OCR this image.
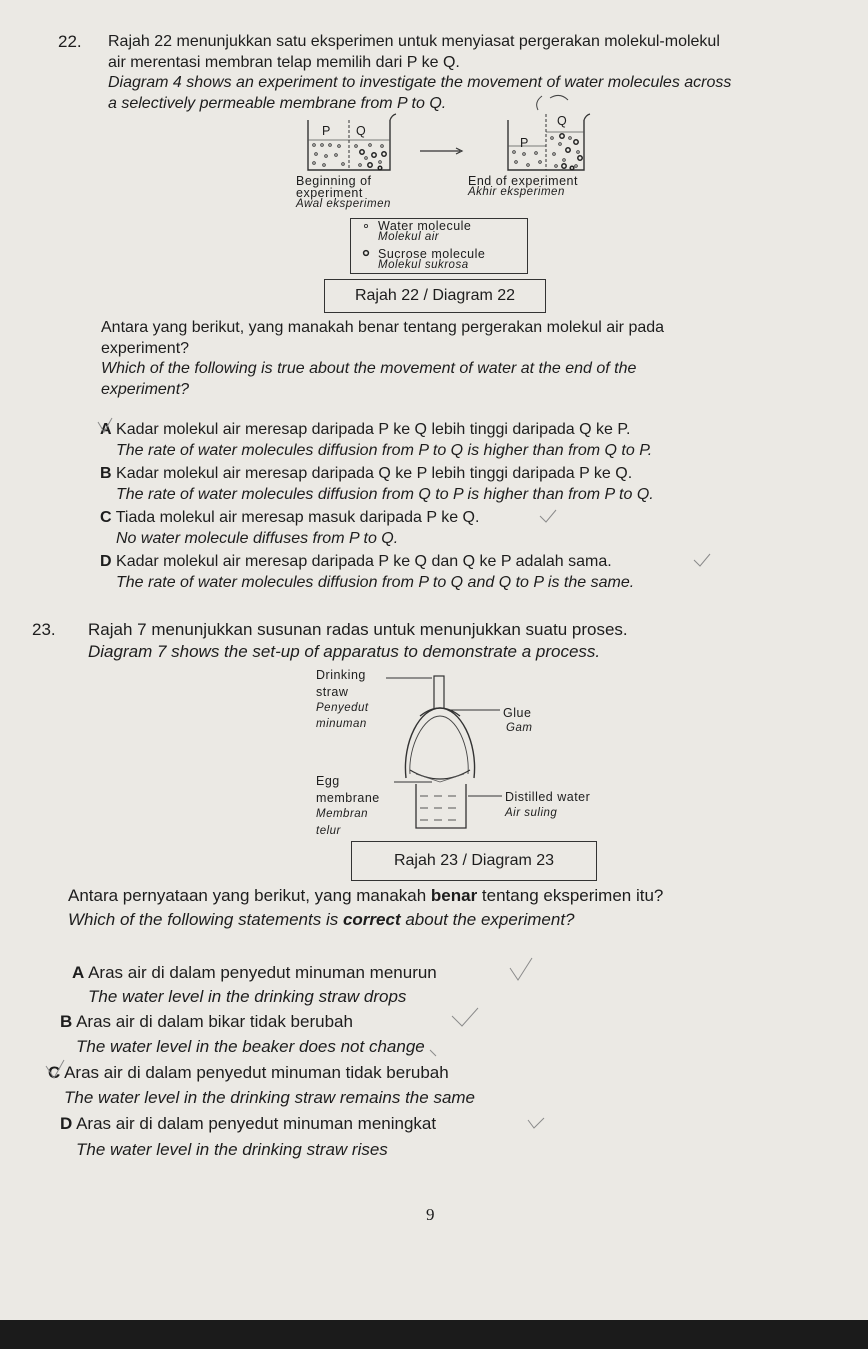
22. Rajah 22 menunjukkan satu eksperimen untuk menyiasat pergerakan molekul-molekul
air merentasi membran telap memilih dari P ke Q.
Diagram 4 shows an experiment to investigate the movement of water molecules across
a selectively permeable membrane from P to Q.
P Q
P
Q
Beginning of
experiment
Awal eksperimen
End of experiment
Akhir eksperimen
Water molecule
Molekul air
Sucrose molecule
Molekul sukrosa
Rajah 22 / Diagram 22
Antara yang berikut, yang manakah benar tentang pergerakan molekul air pada
experiment?
Which of the following is true about the movement of water at the end of the
experiment?
A Kadar molekul air meresap daripada P ke Q lebih tinggi daripada Q ke P.
The rate of water molecules diffusion from P to Q is higher than from Q to P.
B Kadar molekul air meresap daripada Q ke P lebih tinggi daripada P ke Q.
The rate of water molecules diffusion from Q to P is higher than from P to Q.
C Tiada molekul air meresap masuk daripada P ke Q.
No water molecule diffuses from P to Q.
D Kadar molekul air meresap daripada P ke Q dan Q ke P adalah sama.
The rate of water molecules diffusion from P to Q and Q to P is the same.
23. Rajah 7 menunjukkan susunan radas untuk menunjukkan suatu proses.
Diagram 7 shows the set-up of apparatus to demonstrate a process.
Drinking
straw
Penyedut
minuman
Glue
Gam
Egg
membrane
Membran
telur
Distilled water
Air suling
Rajah 23 / Diagram 23
Antara pernyataan yang berikut, yang manakah benar tentang eksperimen itu?
Which of the following statements is correct about the experiment?
A Aras air di dalam penyedut minuman menurun
The water level in the drinking straw drops
B Aras air di dalam bikar tidak berubah
The water level in the beaker does not change
C Aras air di dalam penyedut minuman tidak berubah
The water level in the drinking straw remains the same
D Aras air di dalam penyedut minuman meningkat
The water level in the drinking straw rises
9
